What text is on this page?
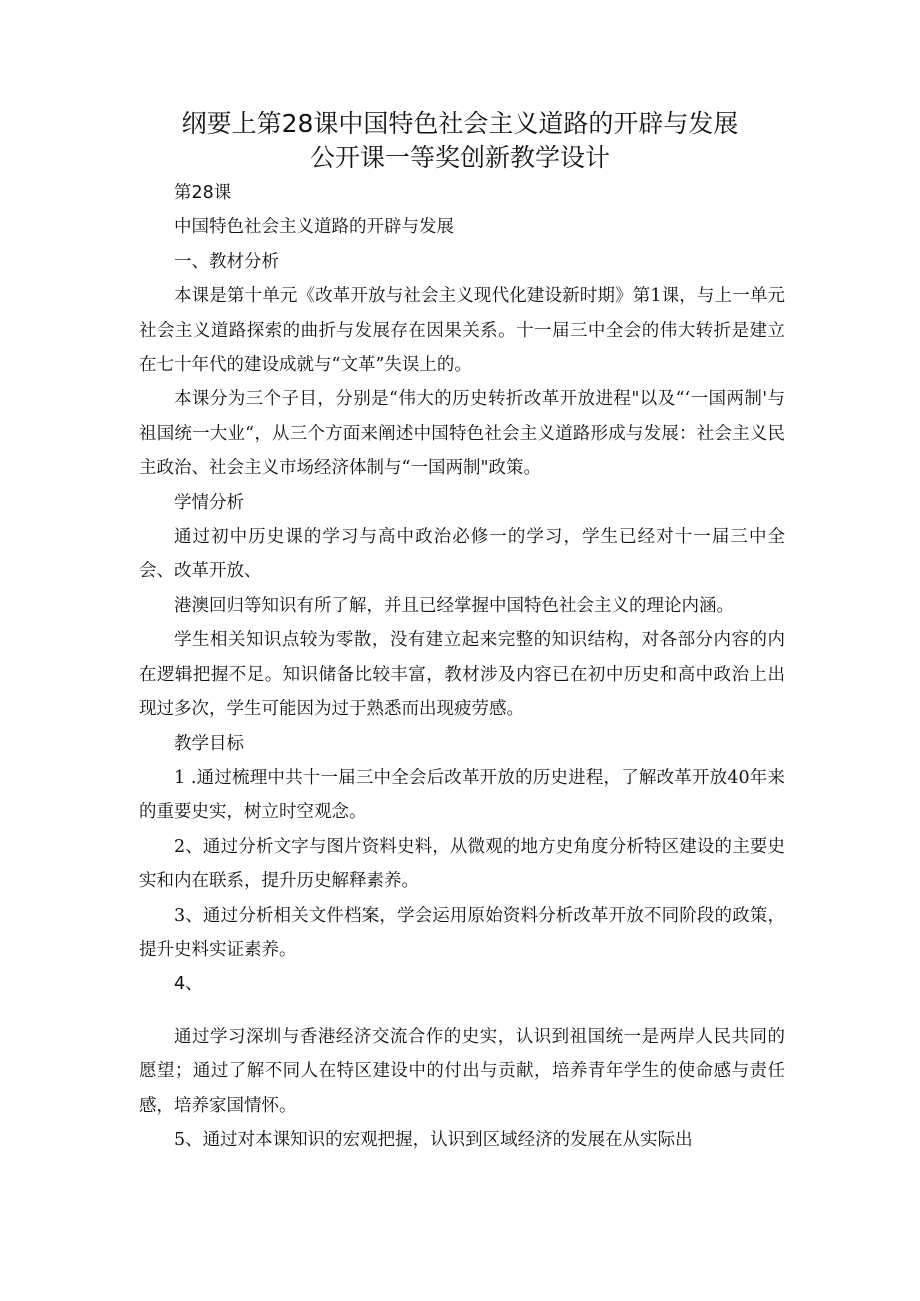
纲要上第28课中国特色社会主义道路的开辟与发展
公开课一等奖创新教学设计

第28课

中国特色社会主义道路的开辟与发展

一、教材分析

本课是第十单元《改革开放与社会主义现代化建设新时期》第1课，与上一单元社会主义道路探索的曲折与发展存在因果关系。十一届三中全会的伟大转折是建立在七十年代的建设成就与“文革”失误上的。

本课分为三个子目，分别是“伟大的历史转折改革开放进程"以及“‘一国两制'与祖国统一大业“，从三个方面来阐述中国特色社会主义道路形成与发展：社会主义民主政治、社会主义市场经济体制与“一国两制"政策。

学情分析

通过初中历史课的学习与高中政治必修一的学习，学生已经对十一届三中全会、改革开放、

港澳回归等知识有所了解，并且已经掌握中国特色社会主义的理论内涵。

学生相关知识点较为零散，没有建立起来完整的知识结构，对各部分内容的内在逻辑把握不足。知识储备比较丰富，教材涉及内容已在初中历史和高中政治上出现过多次，学生可能因为过于熟悉而出现疲劳感。

教学目标

1 .通过梳理中共十一届三中全会后改革开放的历史进程，了解改革开放40年来的重要史实，树立时空观念。

2、通过分析文字与图片资料史料，从微观的地方史角度分析特区建设的主要史实和内在联系，提升历史解释素养。

3、通过分析相关文件档案，学会运用原始资料分析改革开放不同阶段的政策，提升史料实证素养。

4、

通过学习深圳与香港经济交流合作的史实，认识到祖国统一是两岸人民共同的愿望；通过了解不同人在特区建设中的付出与贡献，培养青年学生的使命感与责任感，培养家国情怀。

5、通过对本课知识的宏观把握，认识到区域经济的发展在从实际出
